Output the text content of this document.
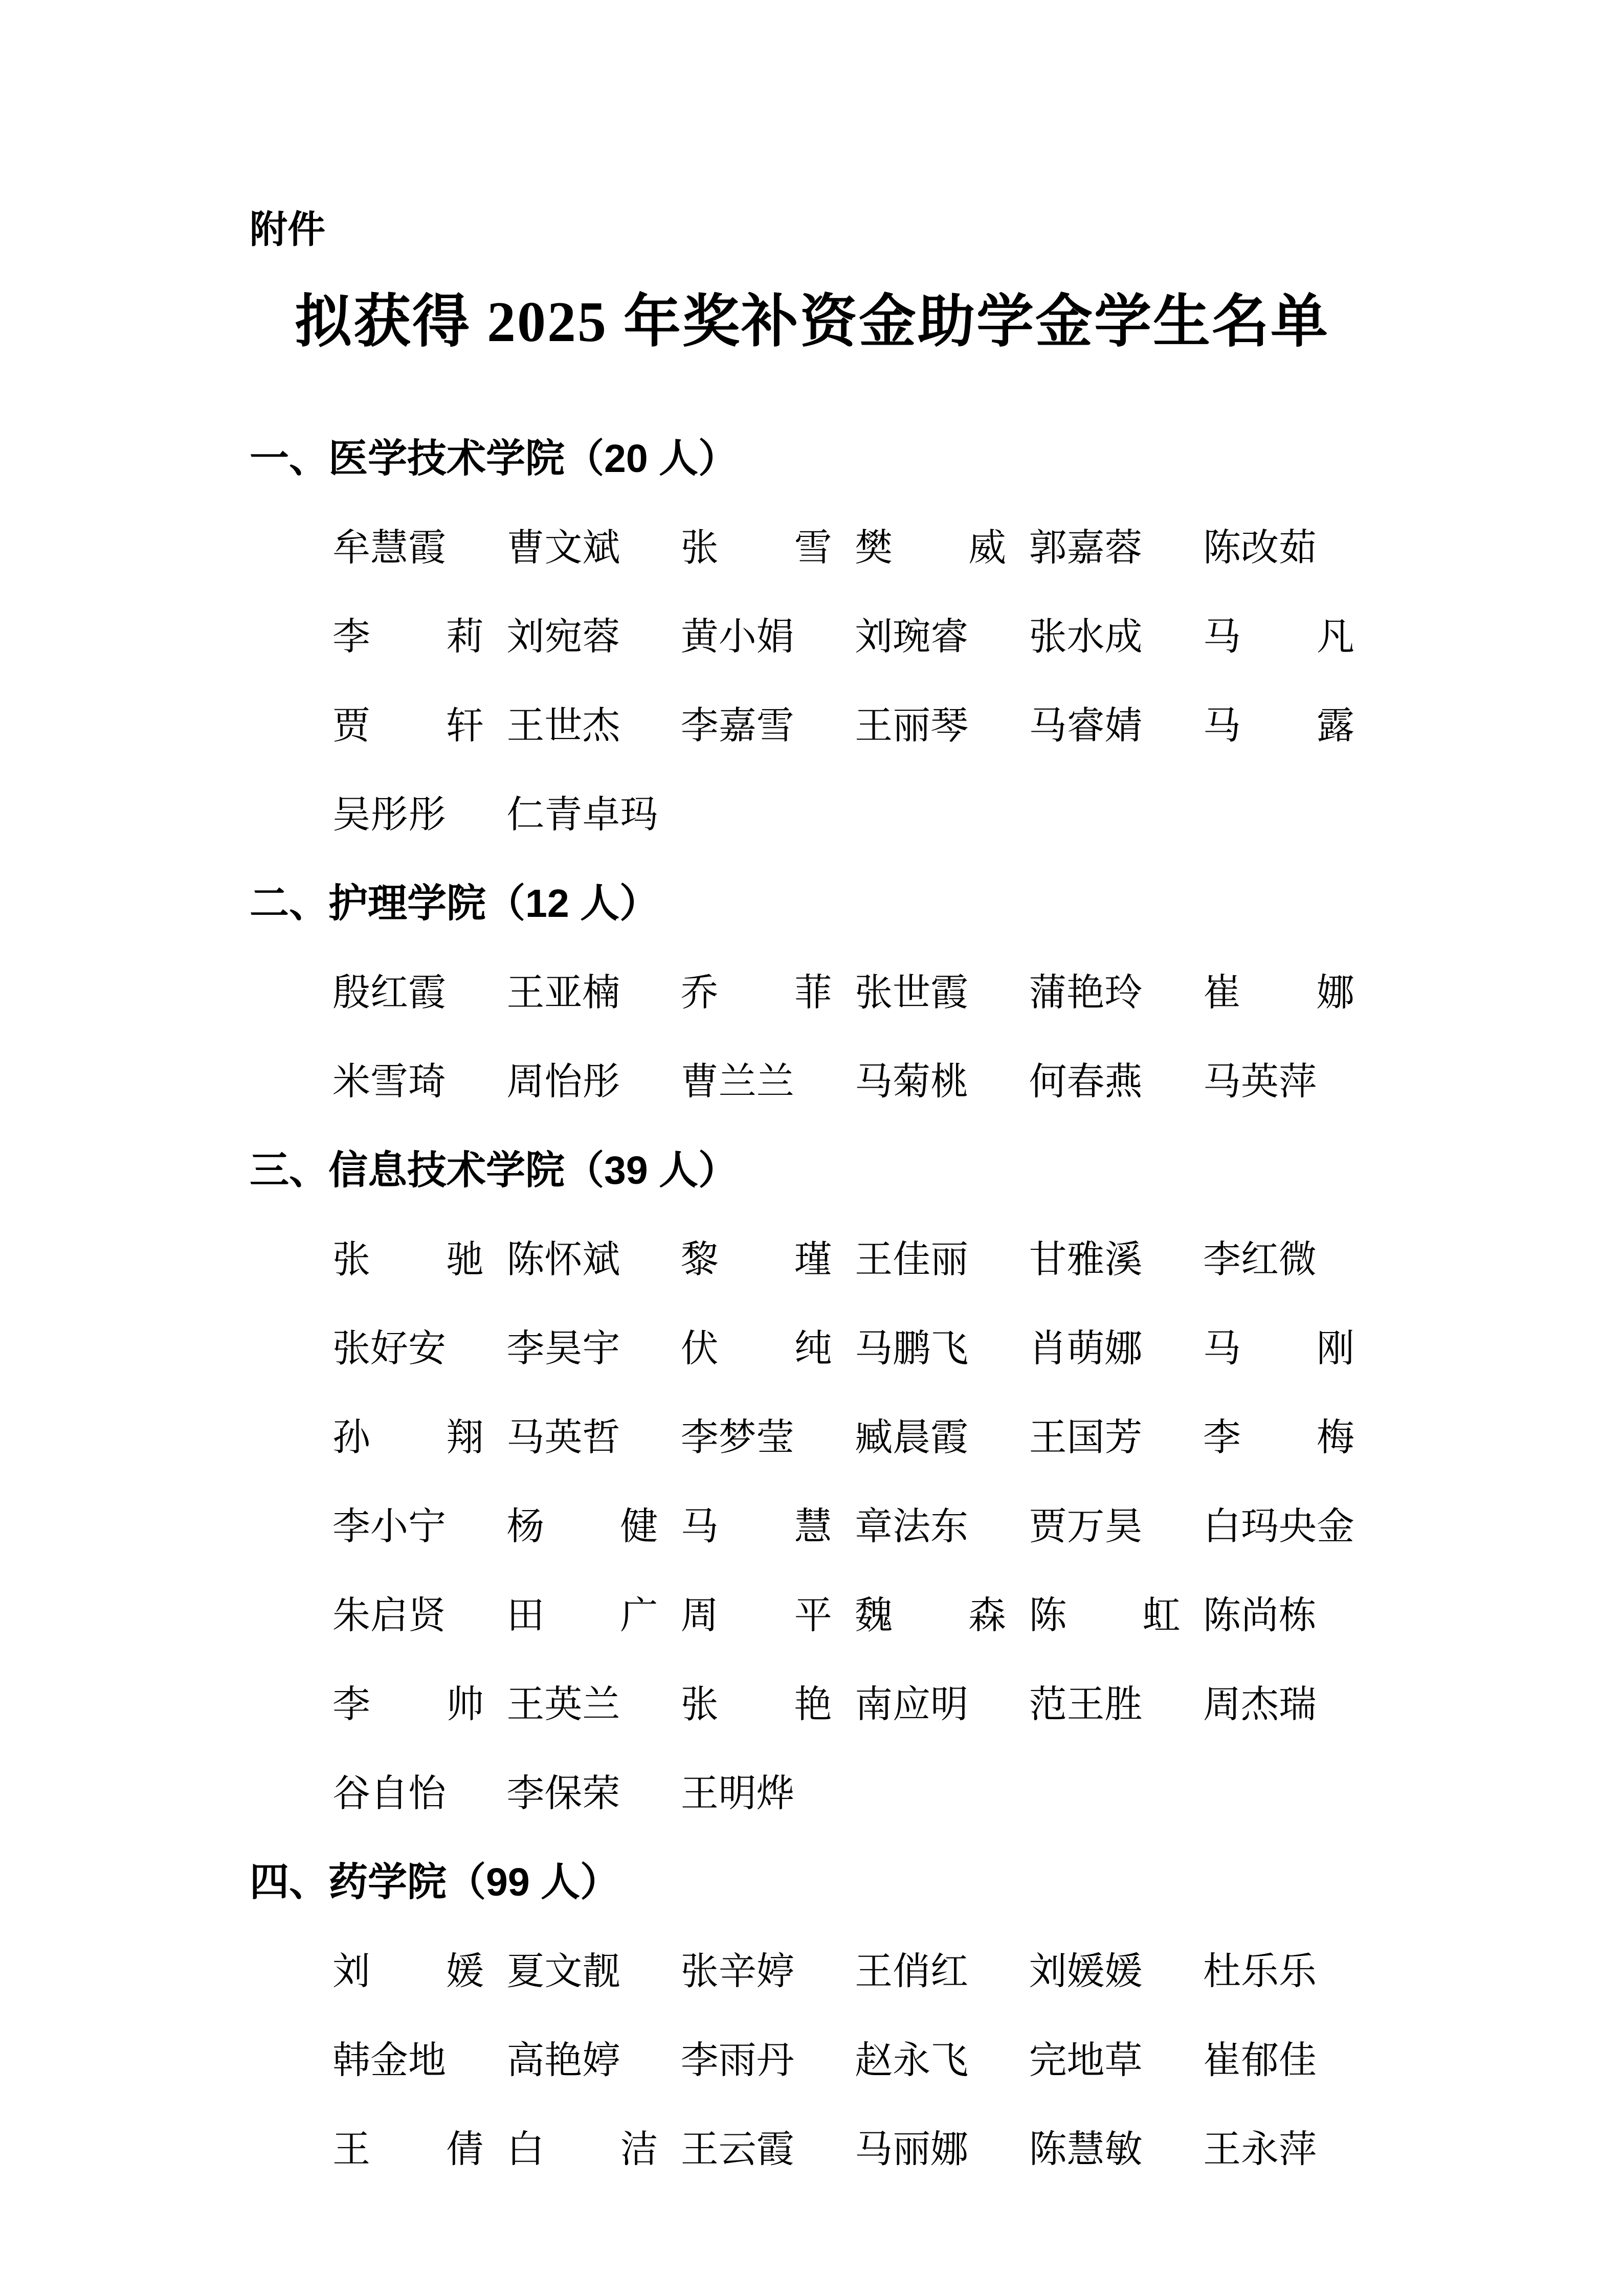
附件
拟获得 2025 年奖补资金助学金学生名单
一、医学技术学院（20 人）
牟慧霞	曹文斌	张　　雪 樊　　威 郭嘉蓉	陈改茹
李　　莉 刘宛蓉	黄小娟	刘琬睿	张水成	马　　凡
贾　　轩 王世杰	李嘉雪	王丽琴	马睿婧	马　　露
吴彤彤	仁青卓玛
二、护理学院（12 人）
殷红霞	王亚楠	乔　　菲 张世霞	蒲艳玲	崔　　娜
米雪琦	周怡彤	曹兰兰	马菊桃	何春燕	马英萍
三、信息技术学院（39 人）
张　　驰 陈怀斌	黎　　瑾 王佳丽	甘雅溪	李红微
张好安	李昊宇	伏　　纯 马鹏飞	肖萌娜	马　　刚
孙　　翔 马英哲	李梦莹	臧晨霞	王国芳	李　　梅
李小宁	杨　　健 马　　慧 章法东	贾万昊	白玛央金
朱启贤	田　　广 周　　平 魏　　森 陈　　虹 陈尚栋
李　　帅 王英兰	张　　艳 南应明	范王胜	周杰瑞
谷自怡	李保荣	王明烨
四、药学院（99 人）
刘　　媛 夏文靓	张辛婷	王俏红	刘媛媛	杜乐乐
韩金地	高艳婷	李雨丹	赵永飞	完地草	崔郁佳
王　　倩 白　　洁 王云霞	马丽娜	陈慧敏	王永萍
